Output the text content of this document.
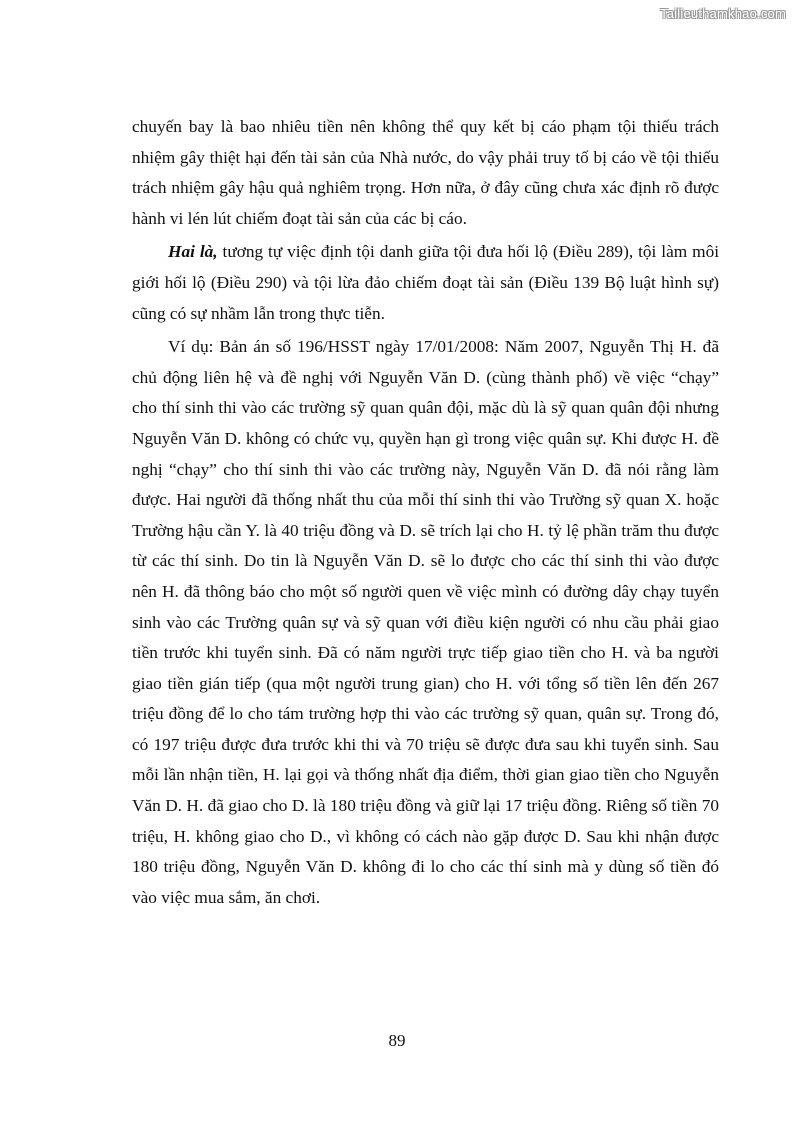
Tailieuthamkhao.com

chuyến bay là bao nhiêu tiền nên không thể quy kết bị cáo phạm tội thiếu trách nhiệm gây thiệt hại đến tài sản của Nhà nước, do vậy phải truy tố bị cáo về tội thiếu trách nhiệm gây hậu quả nghiêm trọng. Hơn nữa, ở đây cũng chưa xác định rõ được hành vi lén lút chiếm đoạt tài sản của các bị cáo.

Hai là, tương tự việc định tội danh giữa tội đưa hối lộ (Điều 289), tội làm môi giới hối lộ (Điều 290) và tội lừa đảo chiếm đoạt tài sản (Điều 139 Bộ luật hình sự) cũng có sự nhầm lẫn trong thực tiễn.

Ví dụ: Bản án số 196/HSST ngày 17/01/2008: Năm 2007, Nguyễn Thị H. đã chủ động liên hệ và đề nghị với Nguyễn Văn D. (cùng thành phố) về việc “chạy” cho thí sinh thi vào các trường sỹ quan quân đội, mặc dù là sỹ quan quân đội nhưng Nguyễn Văn D. không có chức vụ, quyền hạn gì trong việc quân sự. Khi được H. đề nghị “chạy” cho thí sinh thi vào các trường này, Nguyễn Văn D. đã nói rằng làm được. Hai người đã thống nhất thu của mỗi thí sinh thi vào Trường sỹ quan X. hoặc Trường hậu cần Y. là 40 triệu đồng và D. sẽ trích lại cho H. tỷ lệ phần trăm thu được từ các thí sinh. Do tin là Nguyễn Văn D. sẽ lo được cho các thí sinh thi vào được nên H. đã thông báo cho một số người quen về việc mình có đường dây chạy tuyển sinh vào các Trường quân sự và sỹ quan với điều kiện người có nhu cầu phải giao tiền trước khi tuyển sinh. Đã có năm người trực tiếp giao tiền cho H. và ba người giao tiền gián tiếp (qua một người trung gian) cho H. với tổng số tiền lên đến 267 triệu đồng để lo cho tám trường hợp thi vào các trường sỹ quan, quân sự. Trong đó, có 197 triệu được đưa trước khi thi và 70 triệu sẽ được đưa sau khi tuyển sinh. Sau mỗi lần nhận tiền, H. lại gọi và thống nhất địa điểm, thời gian giao tiền cho Nguyễn Văn D. H. đã giao cho D. là 180 triệu đồng và giữ lại 17 triệu đồng. Riêng số tiền 70 triệu, H. không giao cho D., vì không có cách nào gặp được D. Sau khi nhận được 180 triệu đồng, Nguyễn Văn D. không đi lo cho các thí sinh mà y dùng số tiền đó vào việc mua sắm, ăn chơi.

89
